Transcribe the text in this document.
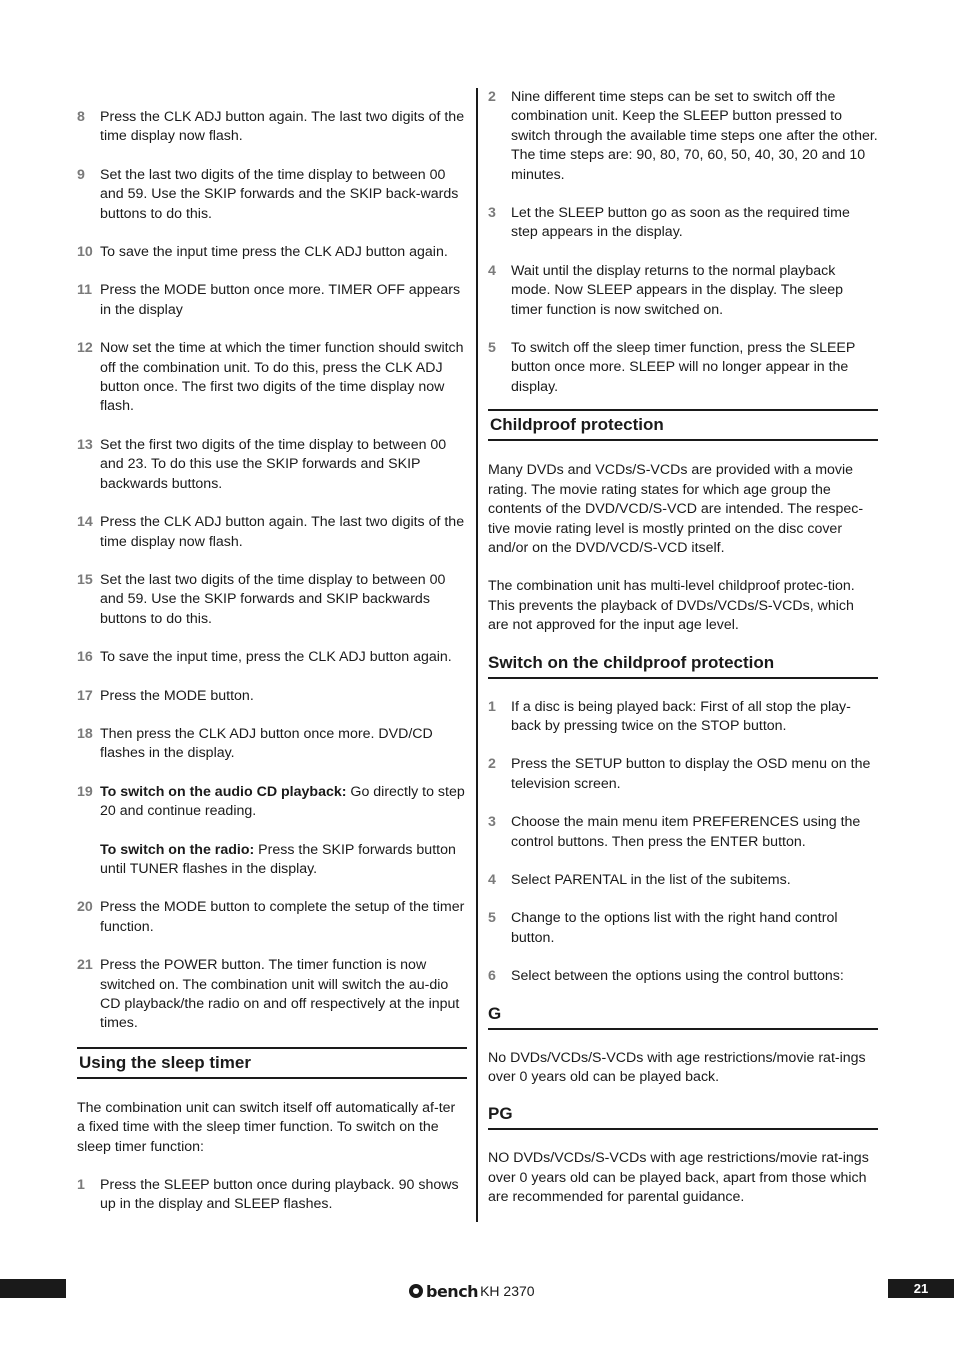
8 Press the CLK ADJ button again. The last two digits of the time display now flash.
9 Set the last two digits of the time display to between 00 and 59. Use the SKIP forwards and the SKIP back-wards buttons to do this.
10 To save the input time press the CLK ADJ button again.
11 Press the MODE button once more. TIMER OFF appears in the display
12 Now set the time at which the timer function should switch off the combination unit. To do this, press the CLK ADJ button once. The first two digits of the time display now flash.
13 Set the first two digits of the time display to between 00 and 23. To do this use the SKIP forwards and SKIP backwards buttons.
14 Press the CLK ADJ button again. The last two digits of the time display now flash.
15 Set the last two digits of the time display to between 00 and 59. Use the SKIP forwards and SKIP backwards buttons to do this.
16 To save the input time, press the CLK ADJ button again.
17 Press the MODE button.
18 Then press the CLK ADJ button once more. DVD/CD flashes in the display.
19 To switch on the audio CD playback: Go directly to step 20 and continue reading.
To switch on the radio: Press the SKIP forwards button until TUNER flashes in the display.
20 Press the MODE button to complete the setup of the timer function.
21 Press the POWER button. The timer function is now switched on. The combination unit will switch the au-dio CD playback/the radio on and off respectively at the input times.
Using the sleep timer
The combination unit can switch itself off automatically af-ter a fixed time with the sleep timer function. To switch on the sleep timer function:
1 Press the SLEEP button once during playback. 90 shows up in the display and SLEEP flashes.
2 Nine different time steps can be set to switch off the combination unit. Keep the SLEEP button pressed to switch through the available time steps one after the other. The time steps are: 90, 80, 70, 60, 50, 40, 30, 20 and 10 minutes.
3 Let the SLEEP button go as soon as the required time step appears in the display.
4 Wait until the display returns to the normal playback mode. Now SLEEP appears in the display. The sleep timer function is now switched on.
5 To switch off the sleep timer function, press the SLEEP button once more. SLEEP will no longer appear in the display.
Childproof protection
Many DVDs and VCDs/S-VCDs are provided with a movie rating. The movie rating states for which age group the contents of the DVD/VCD/S-VCD are intended. The respec-tive movie rating level is mostly printed on the disc cover and/or on the DVD/VCD/S-VCD itself.
The combination unit has multi-level childproof protec-tion. This prevents the playback of DVDs/VCDs/S-VCDs, which are not approved for the input age level.
Switch on the childproof protection
1 If a disc is being played back: First of all stop the play-back by pressing twice on the STOP button.
2 Press the SETUP button to display the OSD menu on the television screen.
3 Choose the main menu item PREFERENCES using the control buttons. Then press the ENTER button.
4 Select PARENTAL in the list of the subitems.
5 Change to the options list with the right hand control button.
6 Select between the options using the control buttons:
G
No DVDs/VCDs/S-VCDs with age restrictions/movie rat-ings over 0 years old can be played back.
PG
NO DVDs/VCDs/S-VCDs with age restrictions/movie rat-ings over 0 years old can be played back, apart from those which are recommended for parental guidance.
bench KH 2370	21
